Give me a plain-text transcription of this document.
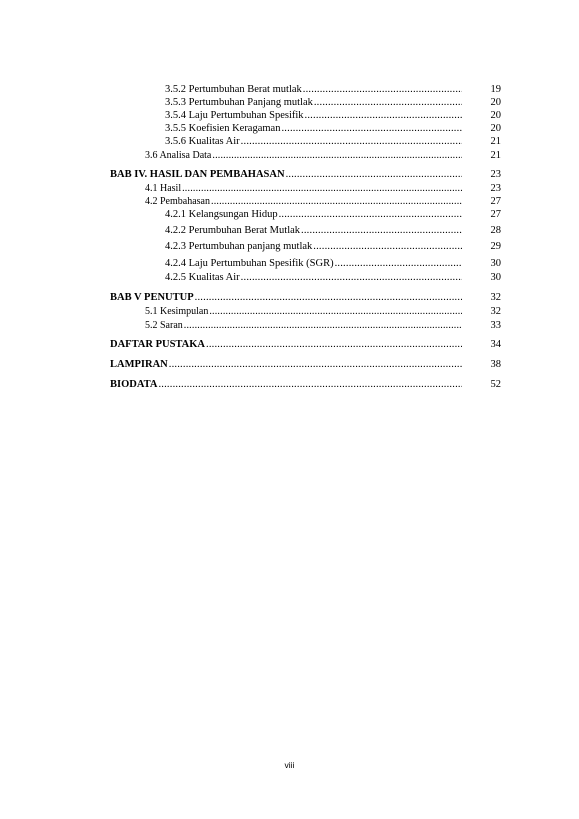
3.5.2 Pertumbuhan Berat mutlak .....	19
3.5.3 Pertumbuhan Panjang mutlak .....	20
3.5.4 Laju Pertumbuhan Spesifik .....	20
3.5.5 Koefisien Keragaman .....	20
3.5.6 Kualitas Air .....	21
3.6 Analisa Data .....	21
BAB IV. HASIL DAN PEMBAHASAN .....	23
4.1 Hasil .....	23
4.2 Pembahasan .....	27
4.2.1 Kelangsungan Hidup .....	27
4.2.2 Perumbuhan Berat Mutlak .....	28
4.2.3 Pertumbuhan panjang mutlak .....	29
4.2.4 Laju Pertumbuhan Spesifik (SGR) .....	30
4.2.5 Kualitas Air .....	30
BAB V PENUTUP .....	32
5.1 Kesimpulan .....	32
5.2 Saran .....	33
DAFTAR PUSTAKA .....	34
LAMPIRAN .....	38
BIODATA .....	52
viii
